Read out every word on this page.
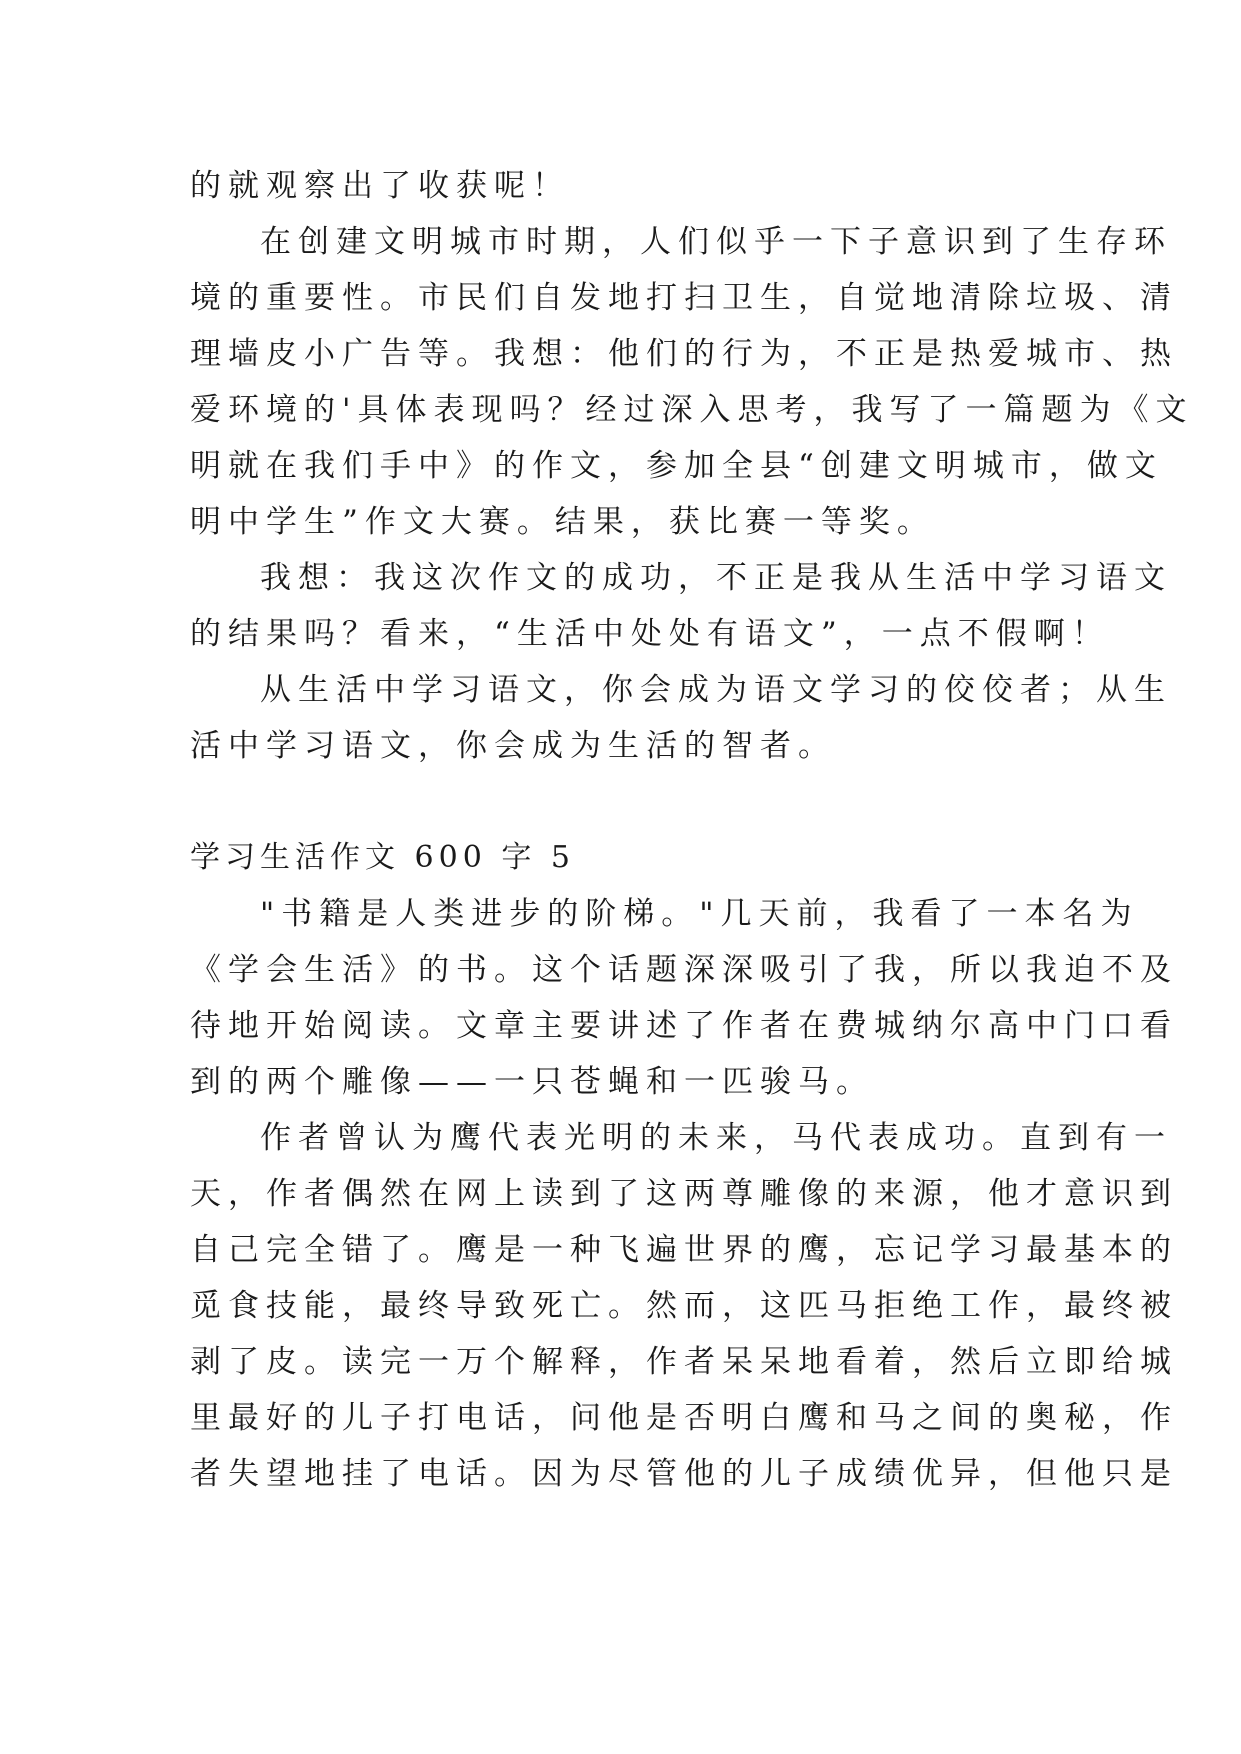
的就观察出了收获呢！
在创建文明城市时期，人们似乎一下子意识到了生存环
境的重要性。市民们自发地打扫卫生，自觉地清除垃圾、清
理墙皮小广告等。我想：他们的行为，不正是热爱城市、热
爱环境的'具体表现吗？经过深入思考，我写了一篇题为《文
明就在我们手中》的作文，参加全县“创建文明城市，做文
明中学生”作文大赛。结果，获比赛一等奖。
我想：我这次作文的成功，不正是我从生活中学习语文
的结果吗？看来，“生活中处处有语文”，一点不假啊！
从生活中学习语文，你会成为语文学习的佼佼者；从生
活中学习语文，你会成为生活的智者。
学习生活作文 600 字 5
"书籍是人类进步的阶梯。"几天前，我看了一本名为
《学会生活》的书。这个话题深深吸引了我，所以我迫不及
待地开始阅读。文章主要讲述了作者在费城纳尔高中门口看
到的两个雕像——一只苍蝇和一匹骏马。
作者曾认为鹰代表光明的未来，马代表成功。直到有一
天，作者偶然在网上读到了这两尊雕像的来源，他才意识到
自己完全错了。鹰是一种飞遍世界的鹰，忘记学习最基本的
觅食技能，最终导致死亡。然而，这匹马拒绝工作，最终被
剥了皮。读完一万个解释，作者呆呆地看着，然后立即给城
里最好的儿子打电话，问他是否明白鹰和马之间的奥秘，作
者失望地挂了电话。因为尽管他的儿子成绩优异，但他只是
